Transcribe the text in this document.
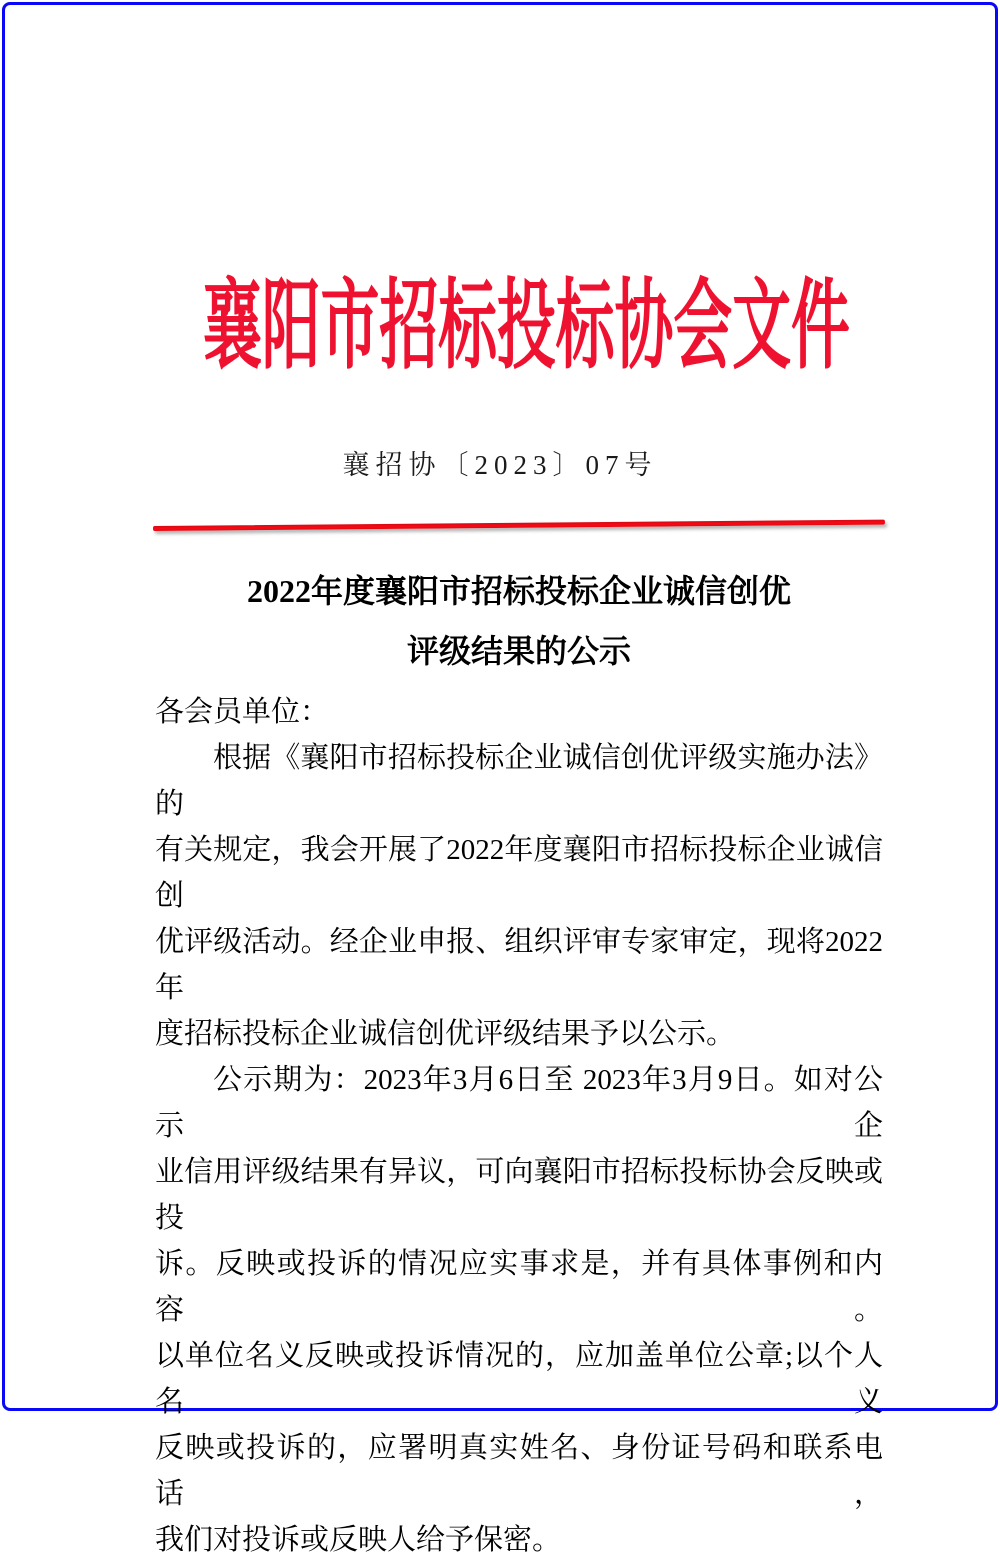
襄阳市招标投标协会文件
襄招协〔2023〕07号
2022年度襄阳市招标投标企业诚信创优
评级结果的公示
各会员单位：
根据《襄阳市招标投标企业诚信创优评级实施办法》的
有关规定，我会开展了2022年度襄阳市招标投标企业诚信创
优评级活动。经企业申报、组织评审专家审定，现将2022年
度招标投标企业诚信创优评级结果予以公示。
公示期为：2023年3月6日至 2023年3月9日。如对公示企
业信用评级结果有异议，可向襄阳市招标投标协会反映或投
诉。反映或投诉的情况应实事求是，并有具体事例和内容。
以单位名义反映或投诉情况的，应加盖单位公章;以个人名义
反映或投诉的，应署明真实姓名、身份证号码和联系电话，
我们对投诉或反映人给予保密。
